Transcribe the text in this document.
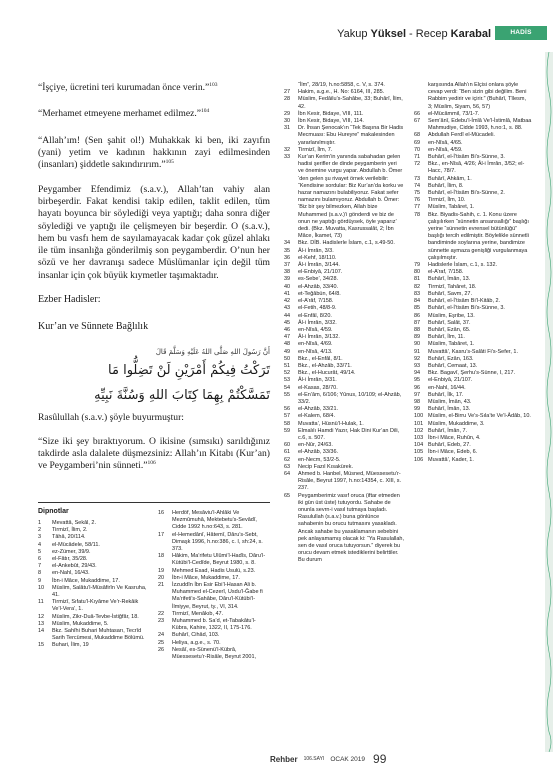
Yakup Yüksel - Recep Karabal	HADİS DERSLERİ

“İşçiye, ücretini teri kurumadan önce verin.”$^{103}$

“Merhamet etmeyene merhamet edilmez.”$^{104}$

“Allah’ım! (Sen şahit ol!) Muhakkak ki ben, iki zayıfın (yani) yetim ve kadının hakkının zayi edilmesinden (insanları) şiddetle sakındırırım.”$^{105}$

Peygamber Efendimiz (s.a.v.), Allah’tan vahiy alan birbeşerdir. Fakat kendisi takip edilen, taklit edilen, tüm hayatı boyunca bir söylediği veya yaptığı; daha sonra diğer söylediği ve yaptığı ile çelişmeyen bir beşerdir. O (s.a.v.), hem bu vasfı hem de sayılamayacak kadar çok güzel ahlakı ile tüm insanlığa gönderilmiş son peygamberdir. O’nun her sözü ve her davranışı sadece Müslümanlar için değil tüm insanlar için çok büyük kıymetler taşımaktadır.

Ezber Hadisler:

Kur’an ve Sünnete Bağlılık

أَنَّ رَسُولَ اللهِ صَلَّى اللهُ عَلَيْهِ وَسَلَّمَ قَالَ

تَرَكْتُ فِيكُمْ أَمْرَيْنِ لَنْ تَضِلُّوا مَا

تَمَسَّكْتُمْ بِهِمَا كِتَابَ اللهِ وَسُنَّةَ نَبِيِّهِ

Rasûlullah (s.a.v.) şöyle buyurmuştur:

“Size iki şey bıraktıyorum. O ikisine (sımsıkı) sarıldığınız takdirde asla dalalete düşmezsiniz: Allah’ın Kitabı (Kur’an) ve Peygamberi’nin sünneti.”$^{106}$

Dipnotlar
1	Mevattâ, Sekâl, 2.
2	Tirmizî, İlim, 2.
3	Tâhâ, 20/114.
4	el-Mücâdele, 58/11.
5	ez-Zümer, 39/9.
6	el-Fâtır, 35/28.
7	el-Ankebût, 29/43.
8	en-Nahl, 16/43.
9	İbn-i Mâce, Mukaddime, 17.
10	Müslim, Salâtu’l-Müsâfirîn Ve Kasruha, 41.
11	Tirmizî, Sıfatu’l-Kıyâme Ve’r-Rekâik Ve’l-Vera’, 1.
12	Müslim, Zikr-Duâ-Tevbe-İstiğfâr, 18.
13	Müslim, Mukaddime, 5.
14	Bkz. Sahîhi Buhari Muhtasarı, Tecrîd Sarih Tercümesi, Mukaddime Bölümü.
15	Buhari, İlim, 19
16	Herdöf, Mesâviu’l-Ahlâki Ve Mezmûmuhâ, Mektebetu’s-Sevâdî, Cidde 1992 h.no:643, s. 281.
17	el-Hemedânî, Hâtemî, Dâru’s-Sebt, Dimaşk 1996, h.no:386, c. I, sh:24, s. 373.
18	Hâkim, Ma’rifetu Ulûmi’l-Hadîs, Dâru’l-Kütübi’l-Cedîde, Beyrut 1980, s. 8.
19	Mehmed Esad, Hadis Usulü, s.23.
20	İbn-i Mâce, Mukaddime, 17.
21	İzzuddîn İbn Esir Ebi’l-Hasan Ali b. Muhammed el-Cezerî, Usdu’l-Ğabe fi Ma’rifeti’s-Sahâbe, Dâru’l-Kütübi’l-İlmiyye, Beyrut, ty., VI, 314.
22	Tirmizî, Menâkıb, 47.
23	Muhammed b. Sa’d, et-Tabakâtu’l-Kübra, Kahire, 1322, II, 175-176.
24	Buhârî, Cihâd, 103.
25	Heliya, a.g.e., s. 70.
26	Nesâî, es-Sünenü’l-Kübrâ, Müessesetu’r-Risâle, Beyrut 2001,
“İlm”, 28/19, h.no:5858, c. V, s. 374.
27	Hakim, a.g.e., H. No: 6164, III, 285.
28	Müslim, Fedâilu’s-Sahâbe, 33; Buhârî, İlim, 42.
29	İbn Kesir, Bidaye, VIII, 111.
30	İbn Kesir, Bidaye, VIII, 114.
31	Dr. İhsan Şenocak’ın “Tek Başına Bir Hadis Mecmuası: Ebu Hureyre” makalesinden yararlanılmıştır.
32	Tirmizî, İlm, 7.
33	Kur’an Kerim’in yanında sabahadan gelen hadisi şerifler de dinde peygamberin yeri ve önemine vurgu yapar. Abdullah b. Ömer ‘den gelen şu rivayet örnek verilebilir: “Kendisine sordular: Biz Kur’an’da korku ve hazar namazını bulabiliyoruz. Fakat sefer namazını bulamıyoruz. Abdullah b. Ömer: ‘Biz bir şey bilmezken, Allah bize Muhammed (s.a.v.)’i gönderdi ve biz de onun ne yaptığı gördüysek, öyle yaparız’ dedi. (Bkz. Muvatta, Kasrussalât, 2; İbn Mâce, İkamet, 73)
34	Bkz. DİB. Hadislerle İslam, c.1, s.49-50.
35	Âl-i İmrân, 3/3.
36	el-Kehf, 18/110.
37	Âl-i İmrân, 3/144.
38	el-Enbiyâ, 21/107.
39	es-Sebe’, 34/28.
40	el-Ahzâb, 33/40.
41	et-Teğâbün, 64/8.
42	el-A’râf, 7/158.
43	el-Fetih, 48/8-9.
44	el-Enfâl, 8/20.
45	Âl-i İmrân, 3/32.
46	en-Nîsâ, 4/59.
47	Âl-i İmrân, 3/132.
48	en-Nîsâ, 4/69.
49	en-Nîsâ, 4/13.
50	Bkz., el-Enfâl, 8/1.
51	Bkz., el-Ahzâb, 33/71.
52	Bkz., el-Hucurât, 49/14.
53	Âl-i İmrân, 3/31.
54	el-Kasas, 28/70.
55	el-En’âm, 6/106; Yûnus, 10/109; el-Ahzâb, 33/2.
56	el-Ahzâb, 33/21.
57	el-Kalem, 68/4.
58	Muvatta’, Hüsnü’l-Hulak, 1.
59	Elmalılı Hamdi Yazır, Hak Dini Kur’an Dili, c.6, s. 507.
60	en-Nûr, 24/63.
61	el-Ahzâb, 33/36.
62	en-Necm, 53/2-5.
63	Necip Fazıl Kısakürek.
64	Ahmed b. Hanbel, Müsned, Müessesetu’r-Risâle, Beyrut 1997, h.no:14354, c. XIII, s. 237.
65	Peygamberimiz vasıf oruca (iftar etmeden iki gün üst üste) tutuyordu. Sahabe de onunla sevrn-i vasıl tutmaya başladı. Rasulullah (s.a.v.) buna gönlünce sahabenin bu orucu tutmasını yasakladı. Ancak sahabe bu yasaklamanın sebebini pek anlayamamış olacak ki: “Ya Rasulallah, sen de vasıl oruca tutuyorsun.” diyerek bu orucu devam etmek istediklerini belirttiler. Bu durum
karşısında Allah’ın Elçisi onlara şöyle cevap verdi: “Ben sizin gibi değilim. Beni Rabbim yedirir ve içirir.” (Buhârî, Tîlesm, 3; Müslim, Siyam, 56, 57)
66	el-Mücâmmil, 73/1-7.
67	Sem’ânî, Edebu’l-İmlâ Ve’l-İstimlâ, Matbaa Mahmudiye, Cidde 1993, h.no:1, s. 88.
68	Abdullah Ferdî el-Mücadeli.
69	en-Nîsâ, 4/65.
70	en-Nîsâ, 4/59.
71	Buhârî, el-İ’tisâm Bi’s-Sünne, 3.
72	Bkz., en-Nîsâ, 4/26; Âl-i İmrân, 3/52; el-Hacc, 78/7.
73	Buhârî, Ahkâm, 1.
74	Buhârî, İlim, 8.
75	Buhârî, el-İ’tisâm Bi’s-Sünne, 2.
76	Tirmizî, İlm, 10.
77	Müslim, Tabâret, 1.
78	Bkz. Biyadis-Sahih, c. 1. Konu üzere çalışılırken “sünnetin ansansallığı” başlığı yerine “sünnetin evrensel bütünlüğü” başlığı tercih edilmiştir. Böylelikle sünnetli bandiminde soylarına yerine, bandimize sünnette aymaza genişliği vurgulanmaya çalışılmıştır.
79	Hadislerle İslam, c.1, s. 132.
80	el-A’raf, 7/158.
81	Buhârî, İmân, 13.
82	Tirmizî, Tahâret, 18.
83	Buhârî, Savm, 27.
84	Buhârî, el-İ’tisâm Bi’l-Kitâb, 2.
85	Buhârî, el-İ’tisâm Bi’s-Sünne, 3.
86	Müslim, Eşribe, 13.
87	Buhârî, Salât, 37.
88	Buhârî, Ezân, 65.
89	Buhârî, İlm, 11.
90	Müslim, Tabâret, 1.
91	Muvattâ’, Kasru’s-Salâti Fi’s-Sefer, 1.
92	Buhârî, Ezân, 163.
93	Buhârî, Cemaat, 13.
94	Bkz. Bagavî, Şerhu’s-Sünne, I, 217.
95	el-Enbiyâ, 21/107.
96	en-Nahl, 16/44.
97	Buhârî, İlk, 17.
98	Müslim, İmân, 43.
99	Buhârî, İmân, 13.
100 Müslim, el-Birru Ve’s-Sıla’te Ve’l-Âdâb, 10.
101 Müslim, Mukaddime, 3.
102 Buhârî, İmân, 7.
103 İbn-i Mâce, Ruhûn, 4.
104 Buhârî, Edeb, 27.
105 İbn-i Mâce, Edeb, 6.
106 Muvattâ’, Kader, 1.
Rehber 106.SAYI OCAK 2019 99
